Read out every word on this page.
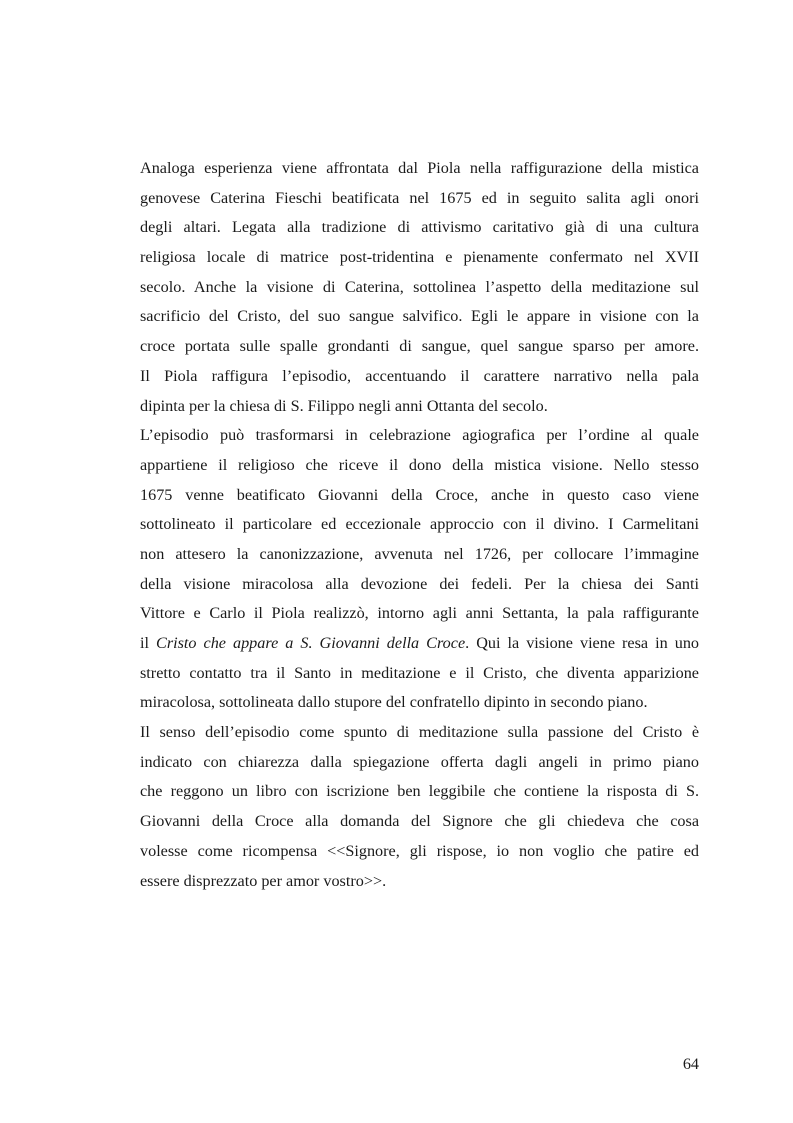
Analoga esperienza viene affrontata dal Piola nella raffigurazione della mistica
genovese Caterina Fieschi beatificata nel 1675 ed in seguito salita agli onori
degli altari. Legata alla tradizione di attivismo caritativo già di una cultura
religiosa locale di matrice post-tridentina e pienamente confermato nel XVII
secolo. Anche la visione di Caterina, sottolinea l’aspetto della meditazione sul
sacrificio del Cristo, del suo sangue salvifico. Egli le appare in visione con la
croce portata sulle spalle grondanti di sangue, quel sangue sparso per amore.
Il Piola raffigura l’episodio, accentuando il carattere narrativo nella pala
dipinta per la chiesa di S. Filippo negli anni Ottanta del secolo.
L’episodio può trasformarsi in celebrazione agiografica per l’ordine al quale
appartiene il religioso che riceve il dono della mistica visione. Nello stesso
1675 venne beatificato Giovanni della Croce, anche in questo caso viene
sottolineato il particolare ed eccezionale approccio con il divino. I Carmelitani
non attesero la canonizzazione, avvenuta nel 1726, per collocare l’immagine
della visione miracolosa alla devozione dei fedeli. Per la chiesa dei Santi
Vittore e Carlo il Piola realizzò, intorno agli anni Settanta, la pala raffigurante
il Cristo che appare a S. Giovanni della Croce. Qui la visione viene resa in uno
stretto contatto tra il Santo in meditazione e il Cristo, che diventa apparizione
miracolosa, sottolineata dallo stupore del confratello dipinto in secondo piano.
Il senso dell’episodio come spunto di meditazione sulla passione del Cristo è
indicato con chiarezza dalla spiegazione offerta dagli angeli in primo piano
che reggono un libro con iscrizione ben leggibile che contiene la risposta di S.
Giovanni della Croce alla domanda del Signore che gli chiedeva che cosa
volesse come ricompensa <<Signore, gli rispose, io non voglio che patire ed
essere disprezzato per amor vostro>>.
64
